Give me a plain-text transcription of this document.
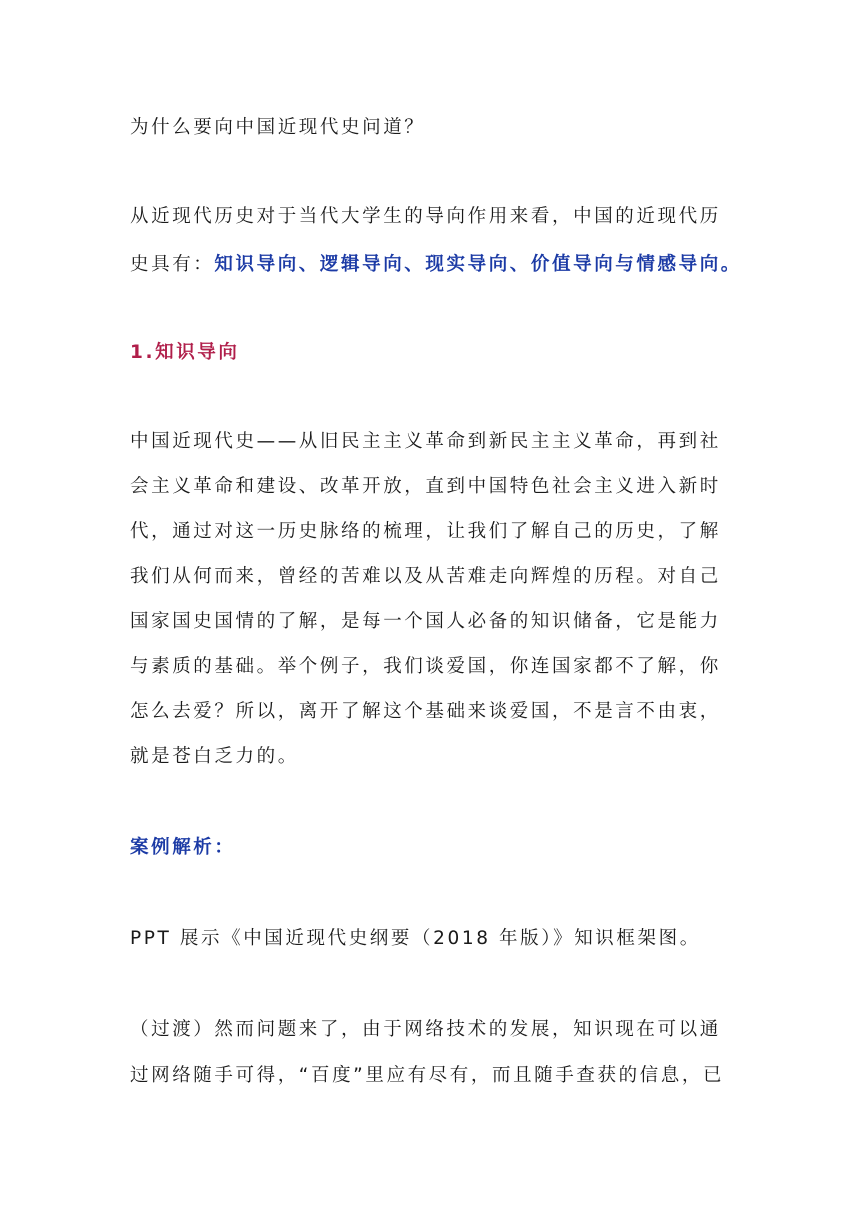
为什么要向中国近现代史问道？
从近现代历史对于当代大学生的导向作用来看，中国的近现代历
史具有：知识导向、逻辑导向、现实导向、价值导向与情感导向。
1.知识导向
中国近现代史——从旧民主主义革命到新民主主义革命，再到社
会主义革命和建设、改革开放，直到中国特色社会主义进入新时
代，通过对这一历史脉络的梳理，让我们了解自己的历史，了解
我们从何而来，曾经的苦难以及从苦难走向辉煌的历程。对自己
国家国史国情的了解，是每一个国人必备的知识储备，它是能力
与素质的基础。举个例子，我们谈爱国，你连国家都不了解，你
怎么去爱？所以，离开了解这个基础来谈爱国，不是言不由衷，
就是苍白乏力的。
案例解析：
PPT 展示《中国近现代史纲要（2018 年版）》知识框架图。
（过渡）然而问题来了，由于网络技术的发展，知识现在可以通
过网络随手可得，“百度”里应有尽有，而且随手查获的信息，已
